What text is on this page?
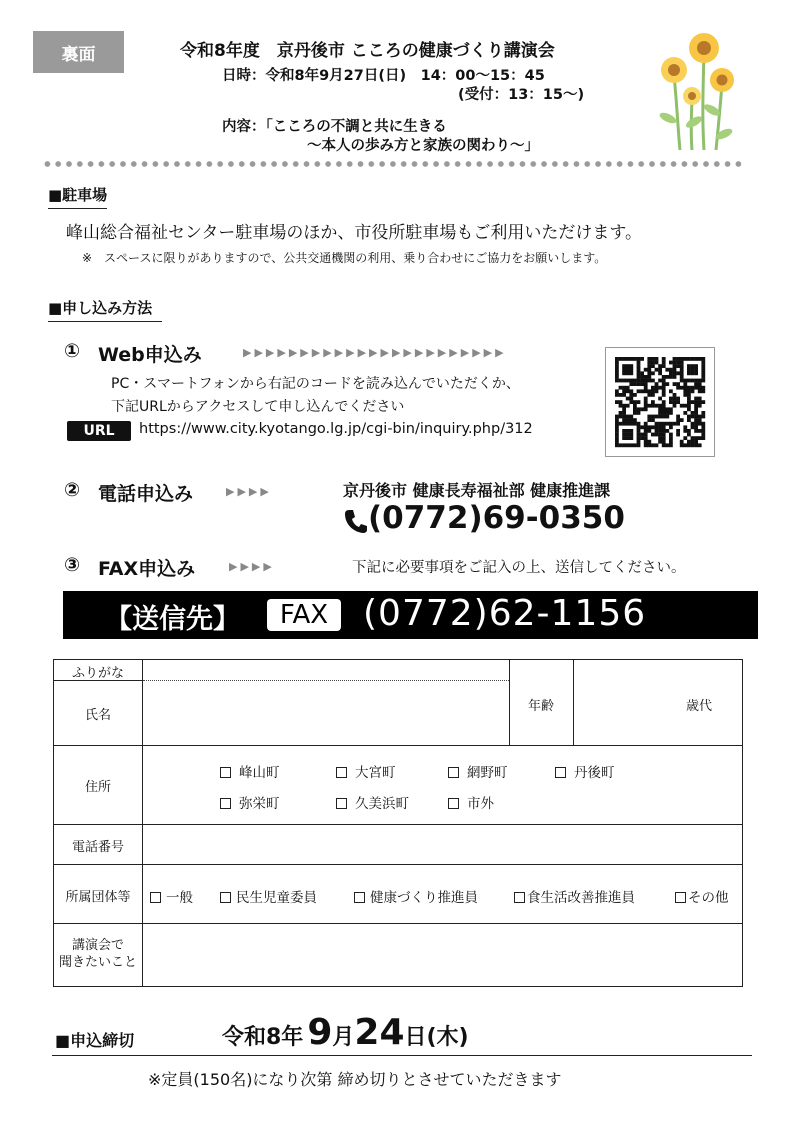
裏面	令和8年度　京丹後市 こころの健康づくり講演会
日時：令和8年9月27日(日)　14：00～15：45
(受付：13：15～)
内容：「こころの不調と共に生きる
～本人の歩み方と家族の関わり～」
■駐車場
峰山総合福祉センター駐車場のほか、市役所駐車場もご利用いただけます。
※　スペースに限りがありますので、公共交通機関の利用、乗り合わせにご協力をお願いします。
■申し込み方法
① Web申込み	▶▶▶▶▶▶▶▶▶▶▶▶▶▶▶▶▶▶▶▶▶▶▶
PC・スマートフォンから右記のコードを読み込んでいただくか、
下記URLからアクセスして申し込んでください
URL	https://www.city.kyotango.lg.jp/cgi-bin/inquiry.php/312
② 電話申込み	▶▶▶▶	京丹後市 健康長寿福祉部 健康推進課
(0772)69-0350
③ FAX申込み	▶▶▶▶	下記に必要事項をご記入の上、送信してください。
【送信先】	FAX (0772)62-1156
ふりがな
氏名
年齢	歳代
住所
峰山町	大宮町	網野町	丹後町
弥栄町	久美浜町	市外
電話番号
所属団体等	一般	民生児童委員	健康づくり推進員	食生活改善推進員	その他
講演会で
聞きたいこと
■申込締切	令和8年 9 月 24 日(木)
※定員(150名)になり次第 締め切りとさせていただきます
